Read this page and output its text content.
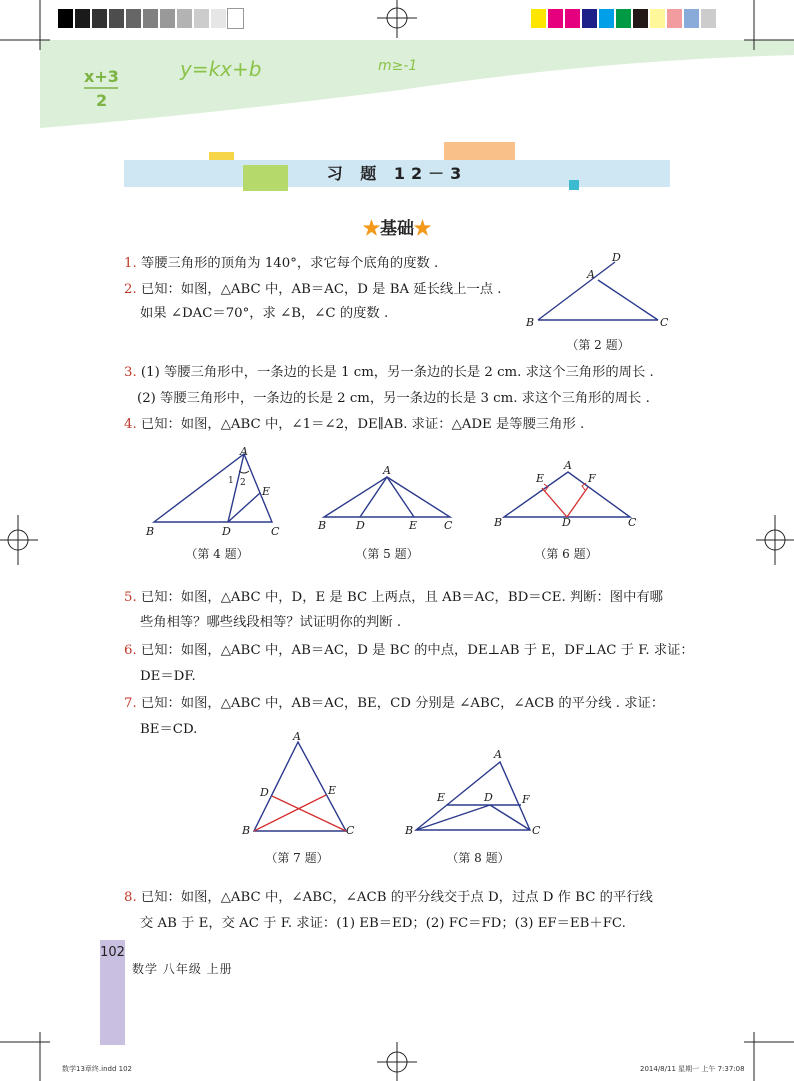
x+3
2
y=kx+b	m≥-1
习 题 12－3
★基础★
1. 等腰三角形的顶角为 140°，求它每个底角的度数 .
2. 已知：如图，△ABC 中，AB＝AC，D 是 BA 延长线上一点 .
如果 ∠DAC＝70°，求 ∠B，∠C 的度数 .
3. (1) 等腰三角形中，一条边的长是 1 cm，另一条边的长是 2 cm. 求这个三角形的周长 .
(2) 等腰三角形中，一条边的长是 2 cm，另一条边的长是 3 cm. 求这个三角形的周长 .
4. 已知：如图，△ABC 中，∠1＝∠2，DE∥AB. 求证：△ADE 是等腰三角形 .
5. 已知：如图，△ABC 中，D，E 是 BC 上两点，且 AB＝AC，BD＝CE. 判断：图中有哪
些角相等？哪些线段相等？试证明你的判断 .
6. 已知：如图，△ABC 中，AB＝AC，D 是 BC 的中点，DE⊥AB 于 E，DF⊥AC 于 F. 求证：
DE＝DF.
7. 已知：如图，△ABC 中，AB＝AC，BE，CD 分别是 ∠ABC，∠ACB 的平分线 . 求证：
BE＝CD.
8. 已知：如图，△ABC 中，∠ABC，∠ACB 的平分线交于点 D，过点 D 作 BC 的平行线
交 AB 于 E，交 AC 于 F. 求证：(1) EB＝ED；(2) FC＝FD；(3) EF＝EB＋FC.
D
A
B	C
（第 2 题）
A
1 2
E
B	D	C
（第 4 题）
A
B	D	E C
（第 5 题）
A
E	F
B	D	C
（第 6 题）
A
D	E
B	C
（第 7 题）
A
E	D	F
B	C
（第 8 题）
102
数学 八年级 上册
数学13章终.indd 102	2014/8/11 星期一 上午 7:37:08
